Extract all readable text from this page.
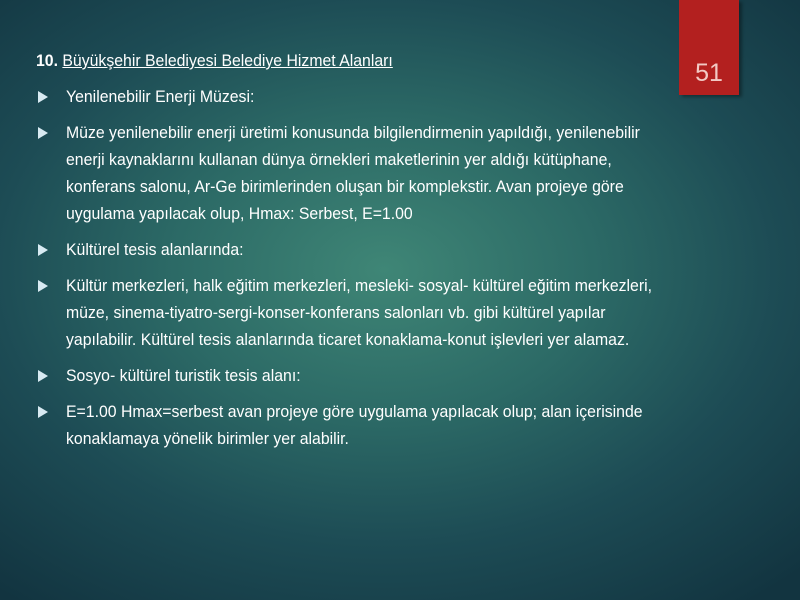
51
10. Büyükşehir Belediyesi Belediye Hizmet Alanları
Yenilenebilir Enerji Müzesi:
Müze yenilenebilir enerji üretimi konusunda bilgilendirmenin yapıldığı, yenilenebilir
enerji kaynaklarını kullanan dünya örnekleri maketlerinin yer aldığı kütüphane,
konferans salonu, Ar-Ge birimlerinden oluşan bir komplekstir. Avan projeye göre
uygulama yapılacak olup, Hmax: Serbest, E=1.00
Kültürel tesis alanlarında:
Kültür merkezleri, halk eğitim merkezleri, mesleki- sosyal- kültürel eğitim merkezleri,
müze, sinema-tiyatro-sergi-konser-konferans salonları vb. gibi kültürel yapılar
yapılabilir. Kültürel tesis alanlarında ticaret konaklama-konut işlevleri yer alamaz.
Sosyo- kültürel turistik tesis alanı:
E=1.00 Hmax=serbest avan projeye göre uygulama yapılacak olup; alan içerisinde
konaklamaya yönelik birimler yer alabilir.
